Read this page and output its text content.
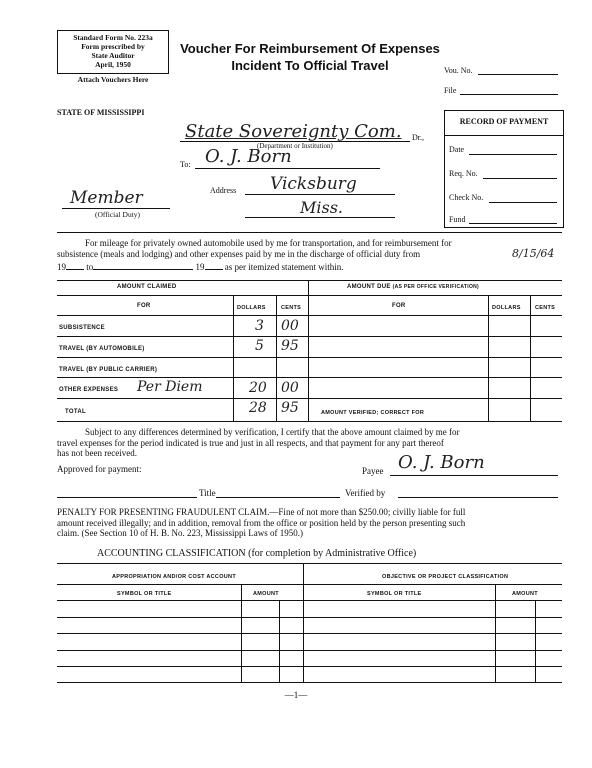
Standard Form No. 223a
Form prescribed by
State Auditor
April, 1950
Attach Vouchers Here
Voucher For Reimbursement Of Expenses
Incident To Official Travel	Vou. No.
File
STATE OF MISSISSIPPI
State Sovereignty Com. Dr.,
(Department or Institution)
To: O. J. Born
Address Vicksburg
Miss.
Member
(Official Duty)
RECORD OF PAYMENT
Date
Req. No.
Check No.
Fund
For mileage for privately owned automobile used by me for transportation, and for reimbursement for
subsistence (meals and lodging) and other expenses paid by me in the discharge of official duty from	8/15/64
19 to	19 as per itemized statement within.
AMOUNT CLAIMED	AMOUNT DUE (AS PER OFFICE VERIFICATION)
FOR	DOLLARS	CENTS	FOR	DOLLARS	CENTS
SUBSISTENCE	3 00
TRAVEL (BY AUTOMOBILE)	5 95
TRAVEL (BY PUBLIC CARRIER)
OTHER EXPENSES Per Diem	20 00
TOTAL	28 95	AMOUNT VERIFIED; CORRECT FOR
Subject to any differences determined by verification, I certify that the above amount claimed by me for
travel expenses for the period indicated is true and just in all respects, and that payment for any part thereof
has not been received.
Approved for payment:	Payee O. J. Born
Title	Verified by
PENALTY FOR PRESENTING FRAUDULENT CLAIM.—Fine of not more than $250.00; civilly liable for full
amount received illegally; and in addition, removal from the office or position held by the person presenting such
claim. (See Section 10 of H. B. No. 223, Mississippi Laws of 1950.)
ACCOUNTING CLASSIFICATION (for completion by Administrative Office)
APPROPRIATION AND/OR COST ACCOUNT	OBJECTIVE OR PROJECT CLASSIFICATION
SYMBOL OR TITLE	AMOUNT	SYMBOL OR TITLE	AMOUNT
—1—
